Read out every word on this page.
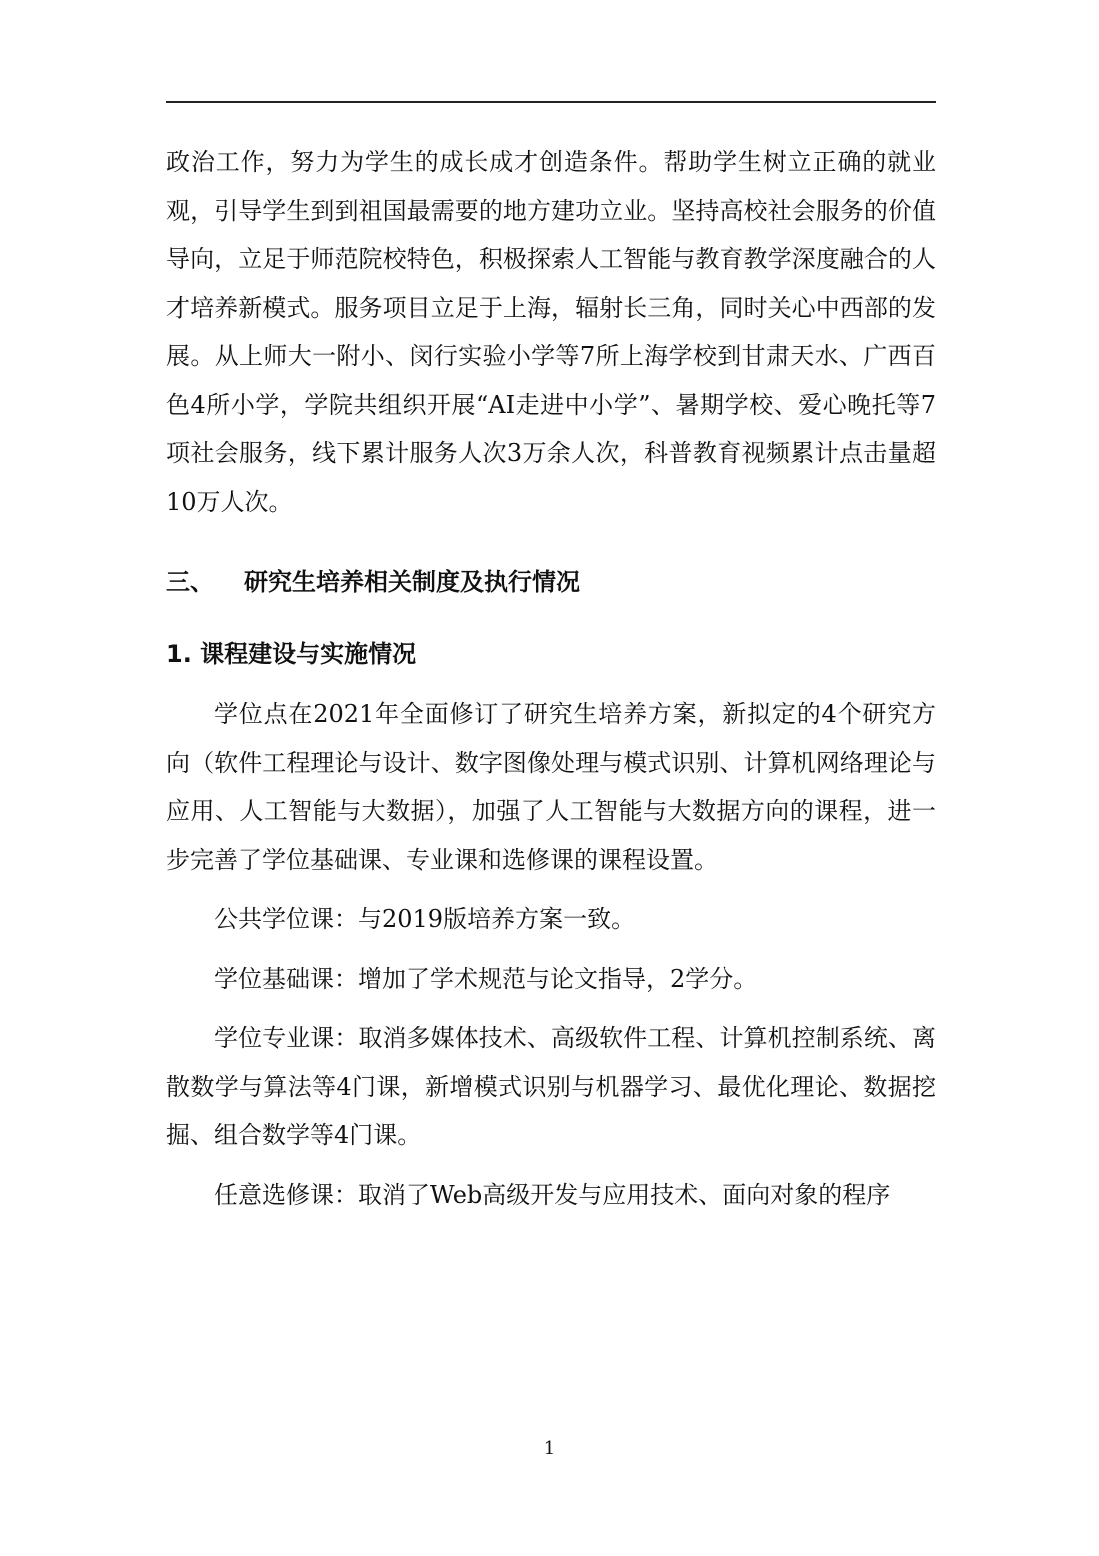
政治工作，努力为学生的成长成才创造条件。帮助学生树立正确的就业观，引导学生到到祖国最需要的地方建功立业。坚持高校社会服务的价值导向，立足于师范院校特色，积极探索人工智能与教育教学深度融合的人才培养新模式。服务项目立足于上海，辐射长三角，同时关心中西部的发展。从上师大一附小、闵行实验小学等7所上海学校到甘肃天水、广西百色4所小学，学院共组织开展“AI走进中小学”、暑期学校、爱心晚托等7项社会服务，线下累计服务人次3万余人次，科普教育视频累计点击量超10万人次。

三、	研究生培养相关制度及执行情况
1. 课程建设与实施情况

学位点在2021年全面修订了研究生培养方案，新拟定的4个研究方向（软件工程理论与设计、数字图像处理与模式识别、计算机网络理论与应用、人工智能与大数据），加强了人工智能与大数据方向的课程，进一步完善了学位基础课、专业课和选修课的课程设置。

公共学位课：与2019版培养方案一致。

学位基础课：增加了学术规范与论文指导，2学分。

学位专业课：取消多媒体技术、高级软件工程、计算机控制系统、离散数学与算法等4门课，新增模式识别与机器学习、最优化理论、数据挖掘、组合数学等4门课。

任意选修课：取消了Web高级开发与应用技术、面向对象的程序

1
